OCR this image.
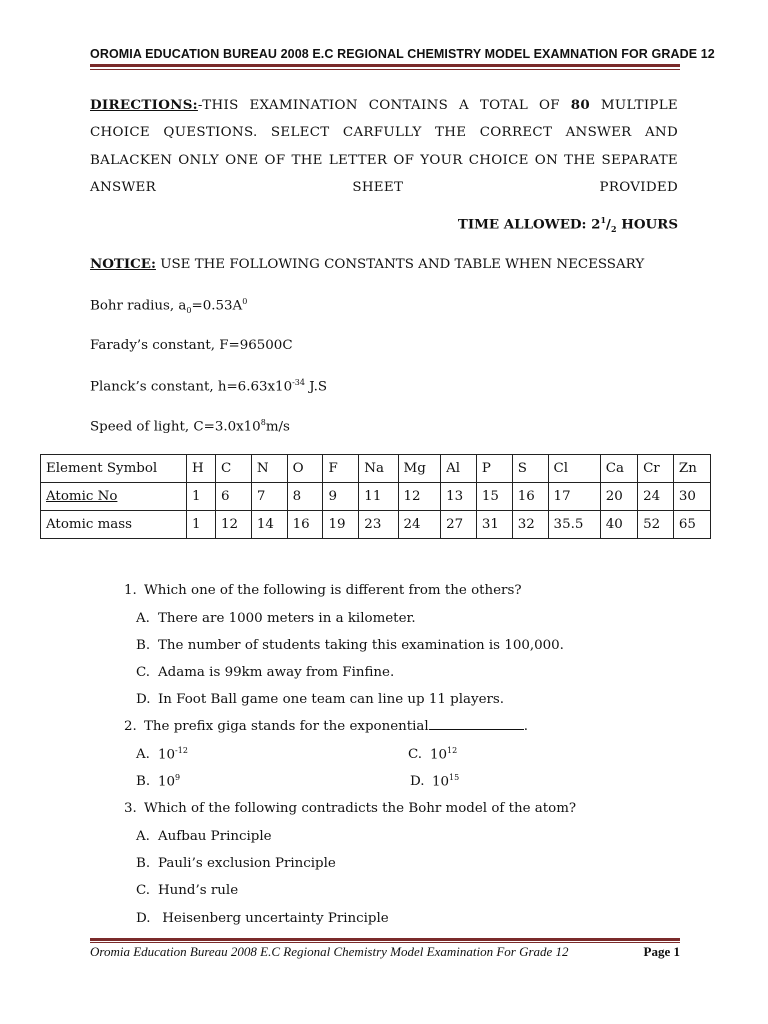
OROMIA EDUCATION BUREAU 2008 E.C REGIONAL CHEMISTRY MODEL EXAMNATION FOR GRADE 12
DIRECTIONS:-THIS EXAMINATION CONTAINS A TOTAL OF 80 MULTIPLE CHOICE QUESTIONS. SELECT CARFULLY THE CORRECT ANSWER AND BALACKEN ONLY ONE OF THE LETTER OF YOUR CHOICE ON THE SEPARATE ANSWER SHEET PROVIDED
TIME ALLOWED: $2^1/_2$ HOURS
NOTICE: USE THE FOLLOWING CONSTANTS AND TABLE WHEN NECESSARY
Bohr radius, $a_0=0.53A^0$
Farady’s constant, F=96500C
Planck’s constant, $h=6.63x10^{-34}$ J.S
Speed of light, $C=3.0x10^8m/s$
Element Symbol	H	C	N	O	F	Na	Mg	Al	P	S	Cl	Ca	Cr	Zn
Atomic No	1	6	7	8	9	11	12	13	15	16	17	20	24	30
Atomic mass	1	12	14	16	19	23	24	27	31	32	35.5	40	52	65
1. Which one of the following is different from the others?
A. There are 1000 meters in a kilometer.
B. The number of students taking this examination is 100,000.
C. Adama is 99km away from Finfine.
D. In Foot Ball game one team can line up 11 players.
2. The prefix giga stands for the exponential	.
A. $10^{-12}$	C. $10^{12}$
B. $10^9$	D. $10^{15}$
3. Which of the following contradicts the Bohr model of the atom?
A. Aufbau Principle
B. Pauli’s exclusion Principle
C. Hund’s rule
D. Heisenberg uncertainty Principle
Oromia Education Bureau 2008 E.C Regional Chemistry Model Examination For Grade 12	Page 1
